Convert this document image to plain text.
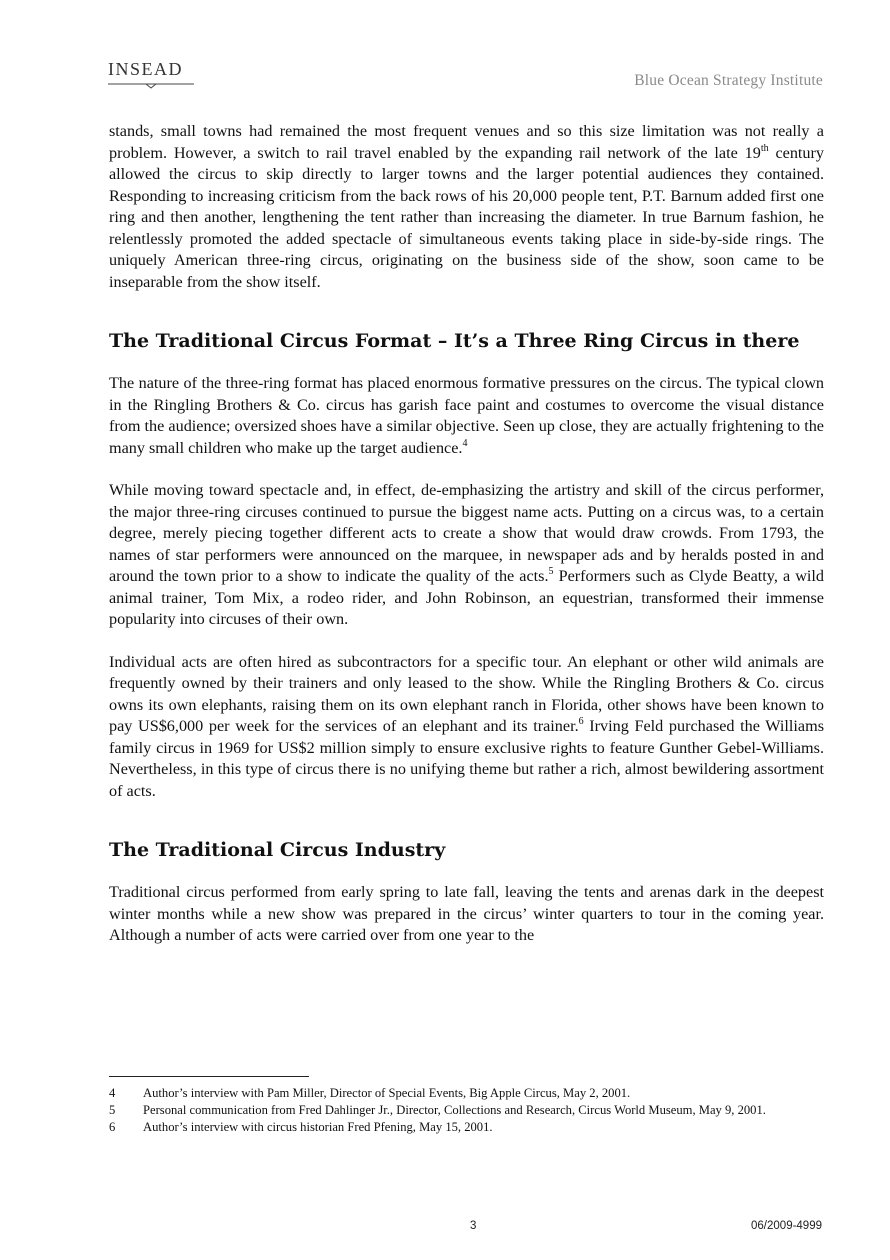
INSEAD
Blue Ocean Strategy Institute

stands, small towns had remained the most frequent venues and so this size limitation was not really a problem. However, a switch to rail travel enabled by the expanding rail network of the late 19th century allowed the circus to skip directly to larger towns and the larger potential audiences they contained. Responding to increasing criticism from the back rows of his 20,000 people tent, P.T. Barnum added first one ring and then another, lengthening the tent rather than increasing the diameter. In true Barnum fashion, he relentlessly promoted the added spectacle of simultaneous events taking place in side-by-side rings. The uniquely American three-ring circus, originating on the business side of the show, soon came to be inseparable from the show itself.

The Traditional Circus Format – It’s a Three Ring Circus in there

The nature of the three-ring format has placed enormous formative pressures on the circus. The typical clown in the Ringling Brothers & Co. circus has garish face paint and costumes to overcome the visual distance from the audience; oversized shoes have a similar objective. Seen up close, they are actually frightening to the many small children who make up the target audience.$^4$

While moving toward spectacle and, in effect, de-emphasizing the artistry and skill of the circus performer, the major three-ring circuses continued to pursue the biggest name acts. Putting on a circus was, to a certain degree, merely piecing together different acts to create a show that would draw crowds. From 1793, the names of star performers were announced on the marquee, in newspaper ads and by heralds posted in and around the town prior to a show to indicate the quality of the acts.$^5$ Performers such as Clyde Beatty, a wild animal trainer, Tom Mix, a rodeo rider, and John Robinson, an equestrian, transformed their immense popularity into circuses of their own.

Individual acts are often hired as subcontractors for a specific tour. An elephant or other wild animals are frequently owned by their trainers and only leased to the show. While the Ringling Brothers & Co. circus owns its own elephants, raising them on its own elephant ranch in Florida, other shows have been known to pay US$6,000 per week for the services of an elephant and its trainer.$^6$ Irving Feld purchased the Williams family circus in 1969 for US$2 million simply to ensure exclusive rights to feature Gunther Gebel-Williams. Nevertheless, in this type of circus there is no unifying theme but rather a rich, almost bewildering assortment of acts.

The Traditional Circus Industry

Traditional circus performed from early spring to late fall, leaving the tents and arenas dark in the deepest winter months while a new show was prepared in the circus’ winter quarters to tour in the coming year. Although a number of acts were carried over from one year to the

4	Author’s interview with Pam Miller, Director of Special Events, Big Apple Circus, May 2, 2001.
5	Personal communication from Fred Dahlinger Jr., Director, Collections and Research, Circus World Museum, May 9, 2001.
6	Author’s interview with circus historian Fred Pfening, May 15, 2001.
3	06/2009-4999
